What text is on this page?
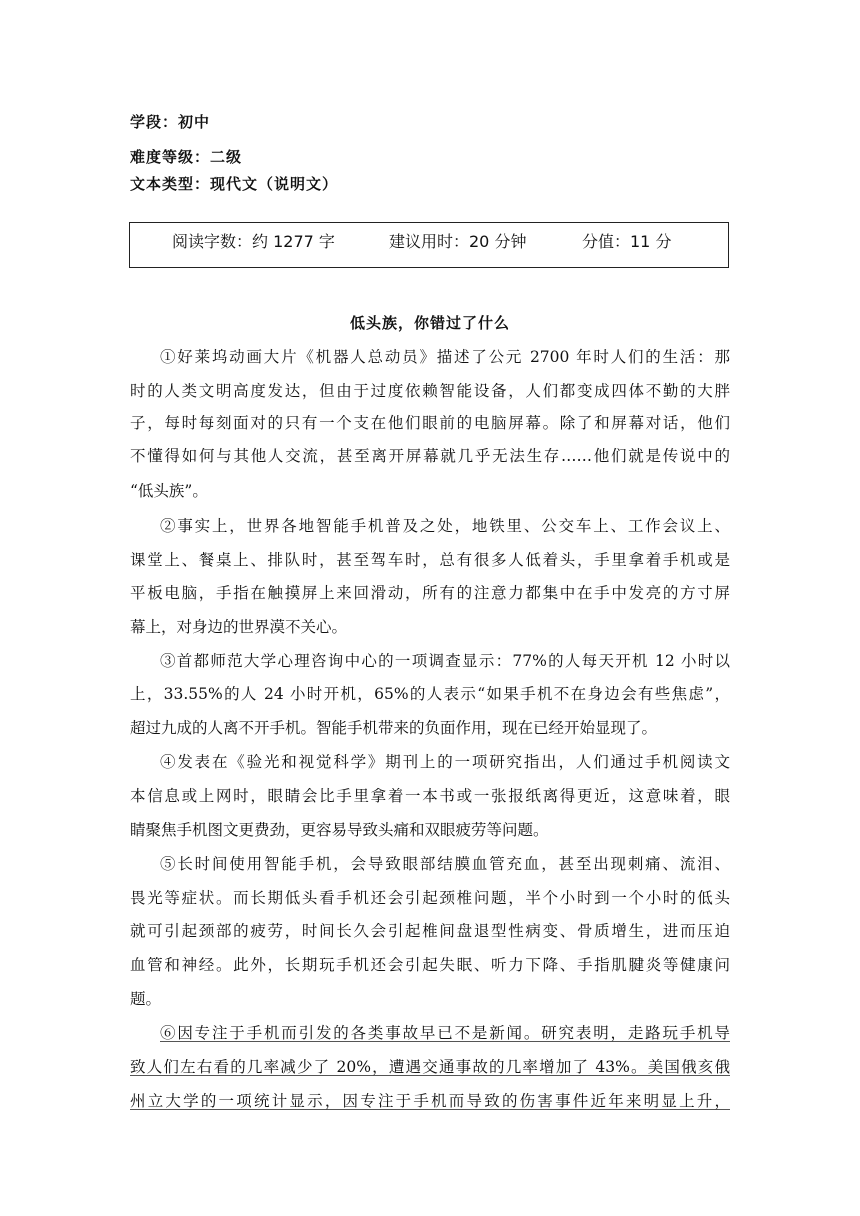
学段：初中
难度等级：二级
文本类型：现代文（说明文）
阅读字数：约 1277 字	建议用时：20 分钟	分值：11 分
低头族，你错过了什么
①好莱坞动画大片《机器人总动员》描述了公元 2700 年时人们的生活：那
时的人类文明高度发达，但由于过度依赖智能设备，人们都变成四体不勤的大胖
子，每时每刻面对的只有一个支在他们眼前的电脑屏幕。除了和屏幕对话，他们
不懂得如何与其他人交流，甚至离开屏幕就几乎无法生存……他们就是传说中的
“低头族”。
②事实上，世界各地智能手机普及之处，地铁里、公交车上、工作会议上、
课堂上、餐桌上、排队时，甚至驾车时，总有很多人低着头，手里拿着手机或是
平板电脑，手指在触摸屏上来回滑动，所有的注意力都集中在手中发亮的方寸屏
幕上，对身边的世界漠不关心。
③首都师范大学心理咨询中心的一项调查显示：77%的人每天开机 12 小时以
上，33.55%的人 24 小时开机，65%的人表示“如果手机不在身边会有些焦虑”，
超过九成的人离不开手机。智能手机带来的负面作用，现在已经开始显现了。
④发表在《验光和视觉科学》期刊上的一项研究指出，人们通过手机阅读文
本信息或上网时，眼睛会比手里拿着一本书或一张报纸离得更近，这意味着，眼
睛聚焦手机图文更费劲，更容易导致头痛和双眼疲劳等问题。
⑤长时间使用智能手机，会导致眼部结膜血管充血，甚至出现刺痛、流泪、
畏光等症状。而长期低头看手机还会引起颈椎问题，半个小时到一个小时的低头
就可引起颈部的疲劳，时间长久会引起椎间盘退型性病变、骨质增生，进而压迫
血管和神经。此外，长期玩手机还会引起失眠、听力下降、手指肌腱炎等健康问
题。
⑥因专注于手机而引发的各类事故早已不是新闻。研究表明，走路玩手机导
致人们左右看的几率减少了 20%，遭遇交通事故的几率增加了 43%。美国俄亥俄
州立大学的一项统计显示，因专注于手机而导致的伤害事件近年来明显上升，
